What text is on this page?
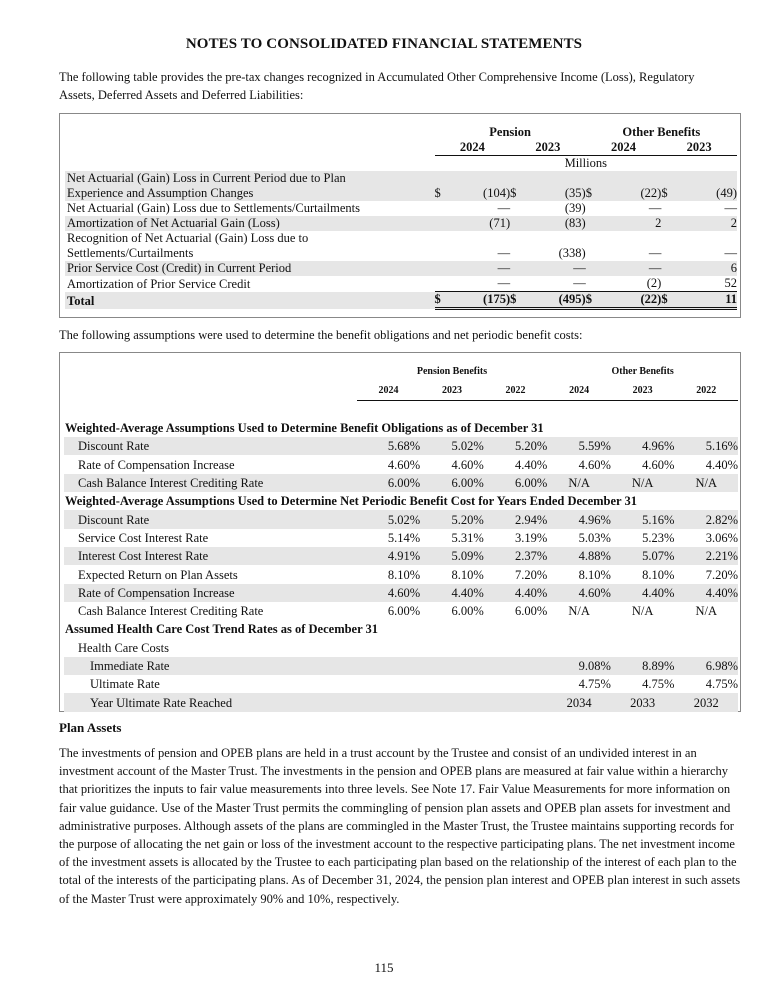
NOTES TO CONSOLIDATED FINANCIAL STATEMENTS

The following table provides the pre-tax changes recognized in Accumulated Other Comprehensive Income (Loss), Regulatory Assets, Deferred Assets and Deferred Liabilities:

	Pension				Other Benefits			
	2024		2023		2024		2023	
	Millions							
Net Actuarial (Gain) Loss in Current Period due to Plan								
Experience and Assumption Changes	$	(104)	$	(35)	$	(22)	$	(49)
Net Actuarial (Gain) Loss due to Settlements/Curtailments		—		(39)		—		—
Amortization of Net Actuarial Gain (Loss)		(71)		(83)		2		2
Recognition of Net Actuarial (Gain) Loss due to								
Settlements/Curtailments		—		(338)		—		—
Prior Service Cost (Credit) in Current Period		—		—		—		6
Amortization of Prior Service Credit		—		—		(2)		52
Total	$	(175)	$	(495)	$	(22)	$	11

The following assumptions were used to determine the benefit obligations and net periodic benefit costs:

	Pension Benefits			Other Benefits		
	2024	2023	2022	2024	2023	2022

Weighted-Average Assumptions Used to Determine Benefit Obligations as of December 31						
Discount Rate	5.68%	5.02%	5.20%	5.59%	4.96%	5.16%
Rate of Compensation Increase	4.60%	4.60%	4.40%	4.60%	4.60%	4.40%
Cash Balance Interest Crediting Rate	6.00%	6.00%	6.00%	N/A	N/A	N/A
Weighted-Average Assumptions Used to Determine Net Periodic Benefit Cost for Years Ended December 31						
Discount Rate	5.02%	5.20%	2.94%	4.96%	5.16%	2.82%
Service Cost Interest Rate	5.14%	5.31%	3.19%	5.03%	5.23%	3.06%
Interest Cost Interest Rate	4.91%	5.09%	2.37%	4.88%	5.07%	2.21%
Expected Return on Plan Assets	8.10%	8.10%	7.20%	8.10%	8.10%	7.20%
Rate of Compensation Increase	4.60%	4.40%	4.40%	4.60%	4.40%	4.40%
Cash Balance Interest Crediting Rate	6.00%	6.00%	6.00%	N/A	N/A	N/A
Assumed Health Care Cost Trend Rates as of December 31						
Health Care Costs						
Immediate Rate				9.08%	8.89%	6.98%
Ultimate Rate				4.75%	4.75%	4.75%
Year Ultimate Rate Reached				2034	2033	2032
Plan Assets

The investments of pension and OPEB plans are held in a trust account by the Trustee and consist of an undivided interest in an investment account of the Master Trust. The investments in the pension and OPEB plans are measured at fair value within a hierarchy that prioritizes the inputs to fair value measurements into three levels. See Note 17. Fair Value Measurements for more information on fair value guidance. Use of the Master Trust permits the commingling of pension plan assets and OPEB plan assets for investment and administrative purposes. Although assets of the plans are commingled in the Master Trust, the Trustee maintains supporting records for the purpose of allocating the net gain or loss of the investment account to the respective participating plans. The net investment income of the investment assets is allocated by the Trustee to each participating plan based on the relationship of the interest of each plan to the total of the interests of the participating plans. As of December 31, 2024, the pension plan interest and OPEB plan interest in such assets of the Master Trust were approximately 90% and 10%, respectively.

115
